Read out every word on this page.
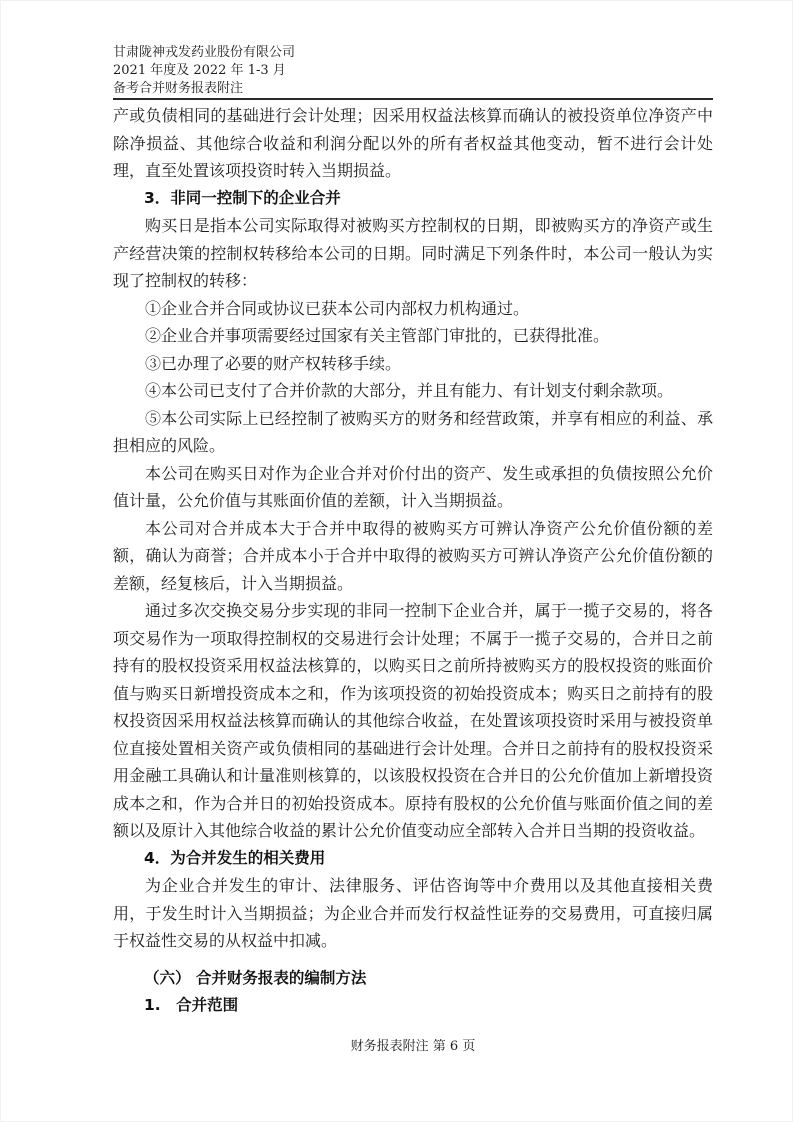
甘肃陇神戎发药业股份有限公司
2021 年度及 2022 年 1-3 月
备考合并财务报表附注

产或负债相同的基础进行会计处理；因采用权益法核算而确认的被投资单位净资产中除净损益、其他综合收益和利润分配以外的所有者权益其他变动，暂不进行会计处理，直至处置该项投资时转入当期损益。

3．非同一控制下的企业合并

购买日是指本公司实际取得对被购买方控制权的日期，即被购买方的净资产或生产经营决策的控制权转移给本公司的日期。同时满足下列条件时，本公司一般认为实现了控制权的转移：

①企业合并合同或协议已获本公司内部权力机构通过。

②企业合并事项需要经过国家有关主管部门审批的，已获得批准。

③已办理了必要的财产权转移手续。

④本公司已支付了合并价款的大部分，并且有能力、有计划支付剩余款项。

⑤本公司实际上已经控制了被购买方的财务和经营政策，并享有相应的利益、承担相应的风险。

本公司在购买日对作为企业合并对价付出的资产、发生或承担的负债按照公允价值计量，公允价值与其账面价值的差额，计入当期损益。

本公司对合并成本大于合并中取得的被购买方可辨认净资产公允价值份额的差额，确认为商誉；合并成本小于合并中取得的被购买方可辨认净资产公允价值份额的差额，经复核后，计入当期损益。

通过多次交换交易分步实现的非同一控制下企业合并，属于一揽子交易的，将各项交易作为一项取得控制权的交易进行会计处理；不属于一揽子交易的，合并日之前持有的股权投资采用权益法核算的，以购买日之前所持被购买方的股权投资的账面价值与购买日新增投资成本之和，作为该项投资的初始投资成本；购买日之前持有的股权投资因采用权益法核算而确认的其他综合收益，在处置该项投资时采用与被投资单位直接处置相关资产或负债相同的基础进行会计处理。合并日之前持有的股权投资采用金融工具确认和计量准则核算的，以该股权投资在合并日的公允价值加上新增投资成本之和，作为合并日的初始投资成本。原持有股权的公允价值与账面价值之间的差额以及原计入其他综合收益的累计公允价值变动应全部转入合并日当期的投资收益。

4．为合并发生的相关费用

为企业合并发生的审计、法律服务、评估咨询等中介费用以及其他直接相关费用，于发生时计入当期损益；为企业合并而发行权益性证券的交易费用，可直接归属于权益性交易的从权益中扣减。

（六） 合并财务报表的编制方法

1.　合并范围

财务报表附注 第 6 页
